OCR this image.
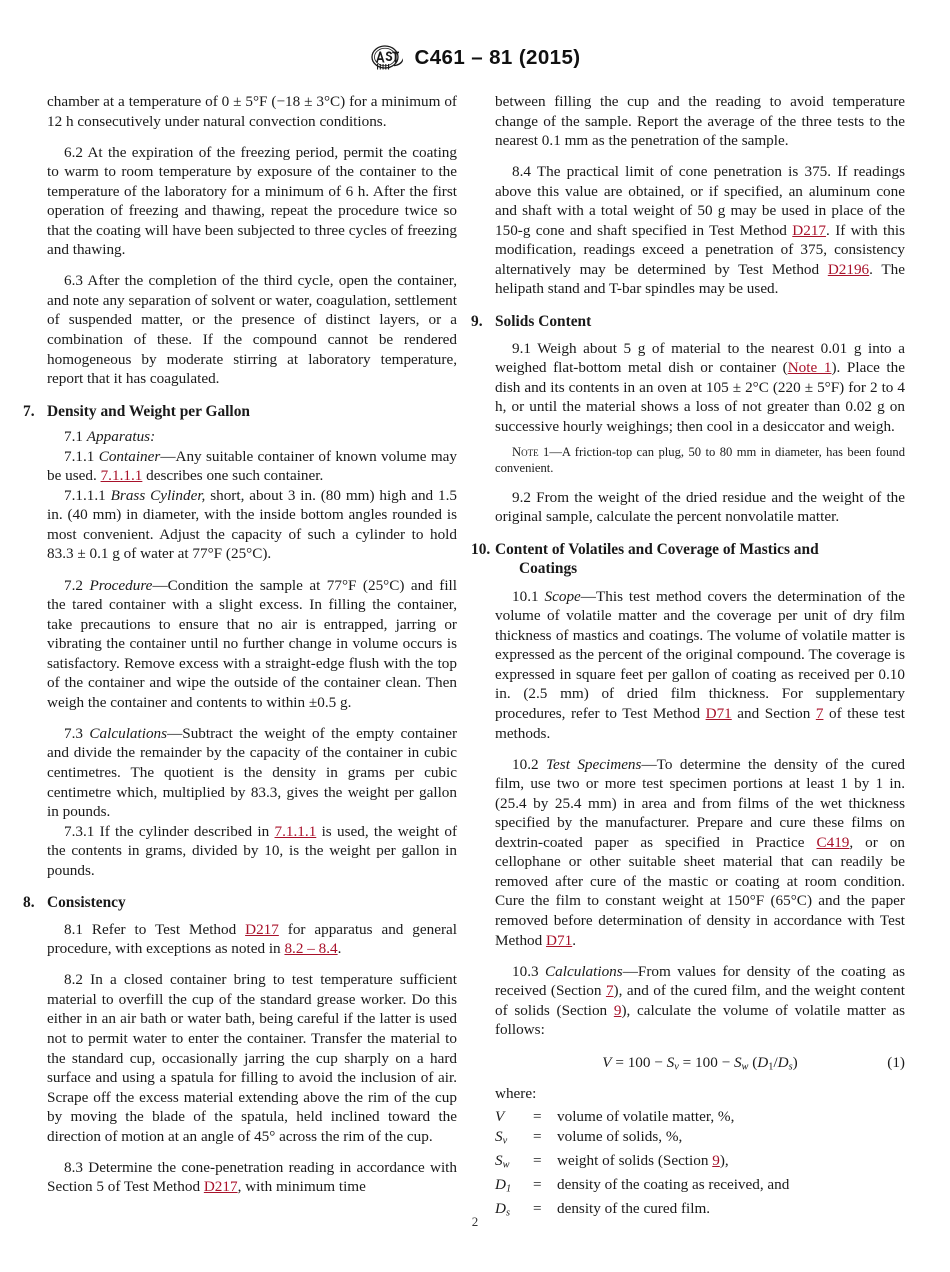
C461 – 81 (2015)

chamber at a temperature of 0 ± 5°F (−18 ± 3°C) for a minimum of 12 h consecutively under natural convection conditions.

6.2 At the expiration of the freezing period, permit the coating to warm to room temperature by exposure of the container to the temperature of the laboratory for a minimum of 6 h. After the first operation of freezing and thawing, repeat the procedure twice so that the coating will have been subjected to three cycles of freezing and thawing.

6.3 After the completion of the third cycle, open the container, and note any separation of solvent or water, coagulation, settlement of suspended matter, or the presence of distinct layers, or a combination of these. If the compound cannot be rendered homogeneous by moderate stirring at laboratory temperature, report that it has coagulated.

7. Density and Weight per Gallon

7.1 Apparatus:

7.1.1 Container—Any suitable container of known volume may be used. 7.1.1.1 describes one such container.

7.1.1.1 Brass Cylinder, short, about 3 in. (80 mm) high and 1.5 in. (40 mm) in diameter, with the inside bottom angles rounded is most convenient. Adjust the capacity of such a cylinder to hold 83.3 ± 0.1 g of water at 77°F (25°C).

7.2 Procedure—Condition the sample at 77°F (25°C) and fill the tared container with a slight excess. In filling the container, take precautions to ensure that no air is entrapped, jarring or vibrating the container until no further change in volume occurs is satisfactory. Remove excess with a straight-edge flush with the top of the container and wipe the outside of the container clean. Then weigh the container and contents to within ±0.5 g.

7.3 Calculations—Subtract the weight of the empty container and divide the remainder by the capacity of the container in cubic centimetres. The quotient is the density in grams per cubic centimetre which, multiplied by 83.3, gives the weight per gallon in pounds.

7.3.1 If the cylinder described in 7.1.1.1 is used, the weight of the contents in grams, divided by 10, is the weight per gallon in pounds.

8. Consistency

8.1 Refer to Test Method D217 for apparatus and general procedure, with exceptions as noted in 8.2 – 8.4.

8.2 In a closed container bring to test temperature sufficient material to overfill the cup of the standard grease worker. Do this either in an air bath or water bath, being careful if the latter is used not to permit water to enter the container. Transfer the material to the standard cup, occasionally jarring the cup sharply on a hard surface and using a spatula for filling to avoid the inclusion of air. Scrape off the excess material extending above the rim of the cup by moving the blade of the spatula, held inclined toward the direction of motion at an angle of 45° across the rim of the cup.

8.3 Determine the cone-penetration reading in accordance with Section 5 of Test Method D217, with minimum time

between filling the cup and the reading to avoid temperature change of the sample. Report the average of the three tests to the nearest 0.1 mm as the penetration of the sample.

8.4 The practical limit of cone penetration is 375. If readings above this value are obtained, or if specified, an aluminum cone and shaft with a total weight of 50 g may be used in place of the 150-g cone and shaft specified in Test Method D217. If with this modification, readings exceed a penetration of 375, consistency alternatively may be determined by Test Method D2196. The helipath stand and T-bar spindles may be used.

9. Solids Content

9.1 Weigh about 5 g of material to the nearest 0.01 g into a weighed flat-bottom metal dish or container (Note 1). Place the dish and its contents in an oven at 105 ± 2°C (220 ± 5°F) for 2 to 4 h, or until the material shows a loss of not greater than 0.02 g on successive hourly weighings; then cool in a desiccator and weigh.

Note 1—A friction-top can plug, 50 to 80 mm in diameter, has been found convenient.

9.2 From the weight of the dried residue and the weight of the original sample, calculate the percent nonvolatile matter.

10. Content of Volatiles and Coverage of Mastics and
Coatings

10.1 Scope—This test method covers the determination of the volume of volatile matter and the coverage per unit of dry film thickness of mastics and coatings. The volume of volatile matter is expressed as the percent of the original compound. The coverage is expressed in square feet per gallon of coating as received per 0.10 in. (2.5 mm) of dried film thickness. For supplementary procedures, refer to Test Method D71 and Section 7 of these test methods.

10.2 Test Specimens—To determine the density of the cured film, use two or more test specimen portions at least 1 by 1 in. (25.4 by 25.4 mm) in area and from films of the wet thickness specified by the manufacturer. Prepare and cure these films on dextrin-coated paper as specified in Practice C419, or on cellophane or other suitable sheet material that can readily be removed after cure of the mastic or coating at room condition. Cure the film to constant weight at 150°F (65°C) and the paper removed before determination of density in accordance with Test Method D71.

10.3 Calculations—From values for density of the coating as received (Section 7), and of the cured film, and the weight content of solids (Section 9), calculate the volume of volatile matter as follows:

$V = 100 - S_v = 100 - S_w$ $(D_1/D_s)$	(1)

where:

V	=	volume of volatile matter, %,
$S_v$	=	volume of solids, %,
$S_w$	=	weight of solids (Section 9),
$D_1$	=	density of the coating as received, and
$D_s$	=	density of the cured film.
2
